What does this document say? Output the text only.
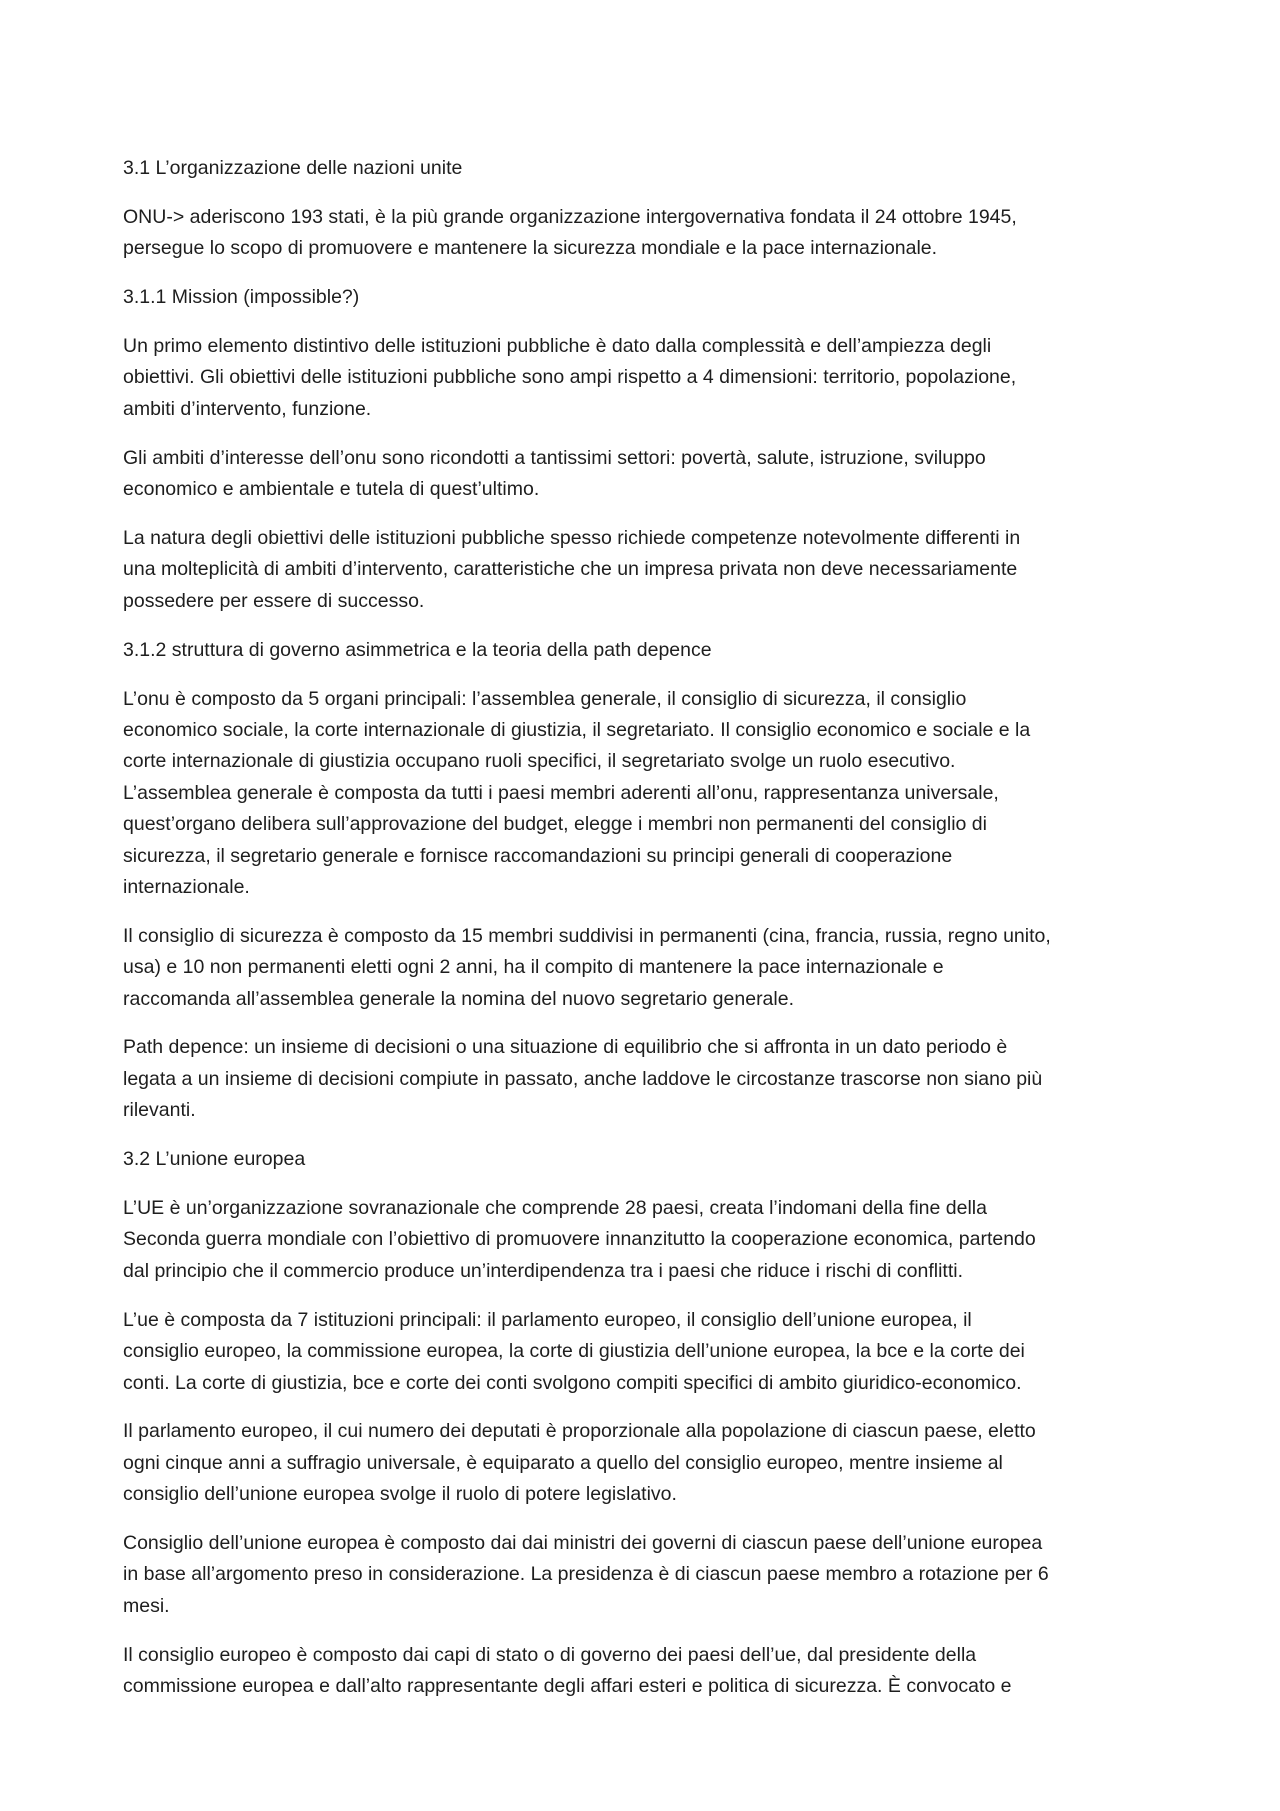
3.1 L’organizzazione delle nazioni unite

ONU-> aderiscono 193 stati, è la più grande organizzazione intergovernativa fondata il 24 ottobre 1945,
persegue lo scopo di promuovere e mantenere la sicurezza mondiale e la pace internazionale.

3.1.1 Mission (impossible?)

Un primo elemento distintivo delle istituzioni pubbliche è dato dalla complessità e dell’ampiezza degli
obiettivi. Gli obiettivi delle istituzioni pubbliche sono ampi rispetto a 4 dimensioni: territorio, popolazione,
ambiti d’intervento, funzione.

Gli ambiti d’interesse dell’onu sono ricondotti a tantissimi settori: povertà, salute, istruzione, sviluppo
economico e ambientale e tutela di quest’ultimo.

La natura degli obiettivi delle istituzioni pubbliche spesso richiede competenze notevolmente differenti in
una molteplicità di ambiti d’intervento, caratteristiche che un impresa privata non deve necessariamente
possedere per essere di successo.

3.1.2 struttura di governo asimmetrica e la teoria della path depence

L’onu è composto da 5 organi principali: l’assemblea generale, il consiglio di sicurezza, il consiglio
economico sociale, la corte internazionale di giustizia, il segretariato. Il consiglio economico e sociale e la
corte internazionale di giustizia occupano ruoli specifici, il segretariato svolge un ruolo esecutivo.
L’assemblea generale è composta da tutti i paesi membri aderenti all’onu, rappresentanza universale,
quest’organo delibera sull’approvazione del budget, elegge i membri non permanenti del consiglio di
sicurezza, il segretario generale e fornisce raccomandazioni su principi generali di cooperazione
internazionale.

Il consiglio di sicurezza è composto da 15 membri suddivisi in permanenti (cina, francia, russia, regno unito,
usa) e 10 non permanenti eletti ogni 2 anni, ha il compito di mantenere la pace internazionale e
raccomanda all’assemblea generale la nomina del nuovo segretario generale.

Path depence: un insieme di decisioni o una situazione di equilibrio che si affronta in un dato periodo è
legata a un insieme di decisioni compiute in passato, anche laddove le circostanze trascorse non siano più
rilevanti.

3.2 L’unione europea

L’UE è un’organizzazione sovranazionale che comprende 28 paesi, creata l’indomani della fine della
Seconda guerra mondiale con l’obiettivo di promuovere innanzitutto la cooperazione economica, partendo
dal principio che il commercio produce un’interdipendenza tra i paesi che riduce i rischi di conflitti.

L’ue è composta da 7 istituzioni principali: il parlamento europeo, il consiglio dell’unione europea, il
consiglio europeo, la commissione europea, la corte di giustizia dell’unione europea, la bce e la corte dei
conti. La corte di giustizia, bce e corte dei conti svolgono compiti specifici di ambito giuridico-economico.

Il parlamento europeo, il cui numero dei deputati è proporzionale alla popolazione di ciascun paese, eletto
ogni cinque anni a suffragio universale, è equiparato a quello del consiglio europeo, mentre insieme al
consiglio dell’unione europea svolge il ruolo di potere legislativo.

Consiglio dell’unione europea è composto dai dai ministri dei governi di ciascun paese dell’unione europea
in base all’argomento preso in considerazione. La presidenza è di ciascun paese membro a rotazione per 6
mesi.

Il consiglio europeo è composto dai capi di stato o di governo dei paesi dell’ue, dal presidente della
commissione europea e dall’alto rappresentante degli affari esteri e politica di sicurezza. È convocato e
